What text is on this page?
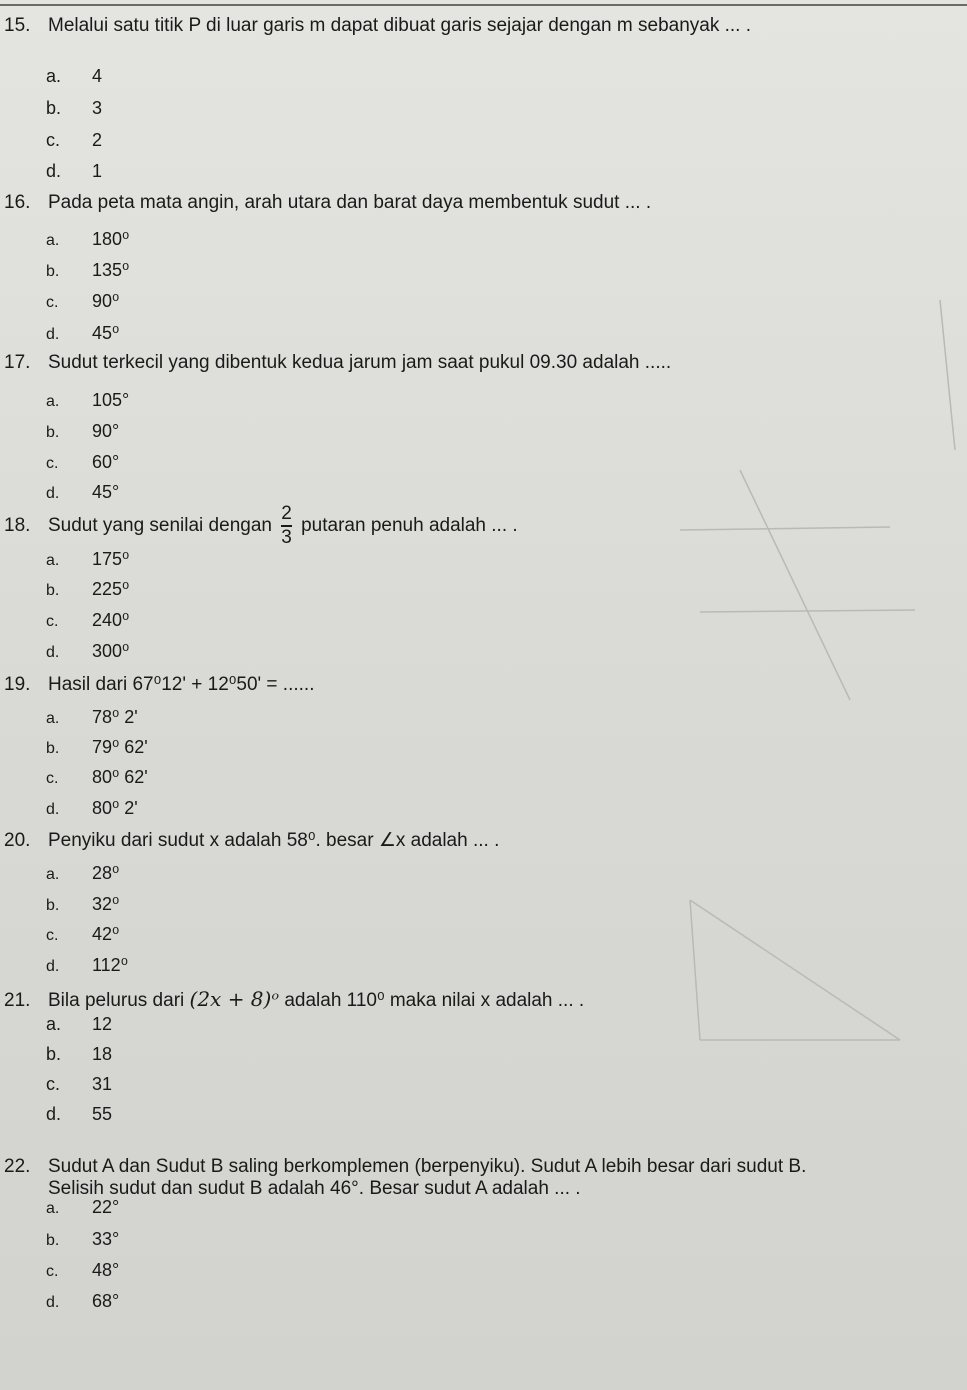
15. Melalui satu titik P di luar garis m dapat dibuat garis sejajar dengan m sebanyak ... .
a. 4
b. 3
c. 2
d. 1
16. Pada peta mata angin, arah utara dan barat daya membentuk sudut ... .
a. 180⁰
b. 135⁰
c. 90⁰
d. 45⁰
17. Sudut terkecil yang dibentuk kedua jarum jam saat pukul 09.30 adalah .....
a. 105°
b. 90°
c. 60°
d. 45°
18. Sudut yang senilai dengan $\frac{2}{3}$ putaran penuh adalah ... .
a. 175⁰
b. 225⁰
c. 240⁰
d. 300⁰
19. Hasil dari 67⁰12' + 12⁰50' = ......
a. 78⁰ 2'
b. 79⁰ 62'
c. 80⁰ 62'
d. 80⁰ 2'
20. Penyiku dari sudut x adalah 58⁰. besar ∠x adalah ... .
a. 28⁰
b. 32⁰
c. 42⁰
d. 112⁰
21. Bila pelurus dari (2x + 8)ᵒ adalah 110⁰ maka nilai x adalah ... .
a. 12
b. 18
c. 31
d. 55
22. Sudut A dan Sudut B saling berkomplemen (berpenyiku). Sudut A lebih besar dari sudut B.
Selisih sudut dan sudut B adalah 46°. Besar sudut A adalah ... .
a. 22°
b. 33°
c. 48°
d. 68°
